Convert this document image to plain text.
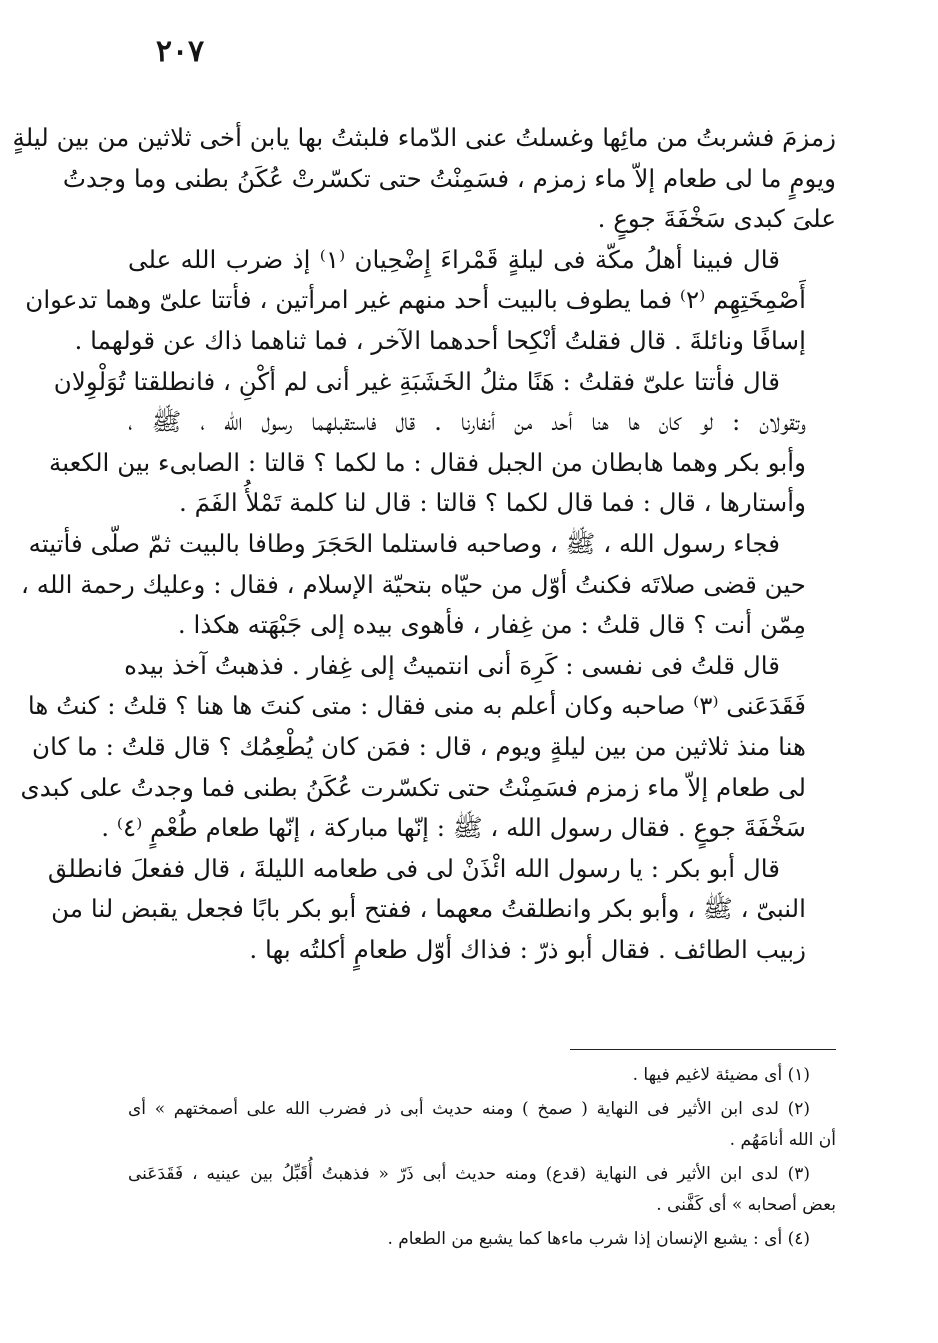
٢٠٧
زمزمَ فشربتُ من مائِها وغسلتُ عنى الدّماء فلبثتُ بها يابن أخى ثلاثين من بين ليلةٍ
ويومٍ ما لى طعام إلاّ ماء زمزم ، فسَمِنْتُ حتى تكسّرتْ عُكَنُ بطنى وما وجدتُ
علىَ كبدى سَخْفَةَ جوعٍ .
قال فبينا أهلُ مكّة فى ليلةٍ قَمْراءَ إِضْحِيان ⁽١⁾ إذ ضرب الله على
أَصْمِخَتِهِم ⁽٢⁾ فما يطوف بالبيت أحد منهم غير امرأتين ، فأتتا علىّ وهما تدعوان
إسافًا ونائلةَ . قال فقلتُ أنْكِحا أحدهما الآخر ، فما ثناهما ذاك عن قولهما .
قال فأتتا علىّ فقلتُ : هَنًا مثلُ الخَشَبَةِ غير أنى لم أكْنِ ، فانطلقتا تُوَلْوِلان
وتقولان : لو كان ها هنا أحد من أنفارنا . قال فاستقبلهما رسول الله ، ﷺ ،
وأبو بكر وهما هابطان من الجبل فقال : ما لكما ؟ قالتا : الصابىء بين الكعبة
وأستارها ، قال : فما قال لكما ؟ قالتا : قال لنا كلمة تَمْلأُ الفَمَ .
فجاء رسول الله ، ﷺ ، وصاحبه فاستلما الحَجَرَ وطافا بالبيت ثمّ صلّى فأتيته
حين قضى صلاتَه فكنتُ أوّل من حيّاه بتحيّة الإسلام ، فقال : وعليك رحمة الله ،
مِمّن أنت ؟ قال قلتُ : من غِفار ، فأهوى بيده إلى جَبْهَته هكذا .
قال قلتُ فى نفسى : كَرِهَ أنى انتميتُ إلى غِفار . فذهبتُ آخذ بيده
فَقَدَعَنى ⁽٣⁾ صاحبه وكان أعلم به منى فقال : متى كنتَ ها هنا ؟ قلتُ : كنتُ ها
هنا منذ ثلاثين من بين ليلةٍ ويوم ، قال : فمَن كان يُطْعِمُك ؟ قال قلتُ : ما كان
لى طعام إلاّ ماء زمزم فسَمِنْتُ حتى تكسّرت عُكَنُ بطنى فما وجدتُ على كبدى
سَخْفَةَ جوعٍ . فقال رسول الله ، ﷺ : إنّها مباركة ، إنّها طعام طُعْمٍ ⁽٤⁾ .
قال أبو بكر : يا رسول الله ائْذَنْ لى فى طعامه الليلةَ ، قال ففعلَ فانطلق
النبىّ ، ﷺ ، وأبو بكر وانطلقتُ معهما ، ففتح أبو بكر بابًا فجعل يقبض لنا من
زبيب الطائف . فقال أبو ذرّ : فذاك أوّل طعامٍ أكلتُه بها .
(١) أى مضيئة لاغيم فيها .
(٢) لدى ابن الأثير فى النهاية ( صمخ ) ومنه حديث أبى ذر فضرب الله على أصمختهم » أى
أن الله أنامَهُم .
(٣) لدى ابن الأثير فى النهاية (قدع) ومنه حديث أبى ذَرّ « فذهبتُ أُقَبِّلُ بين عينيه ، فَقَدَعَنى
بعض أصحابه » أى كَفَّنى .
(٤) أى : يشبع الإنسان إذا شرب ماءها كما يشبع من الطعام .
